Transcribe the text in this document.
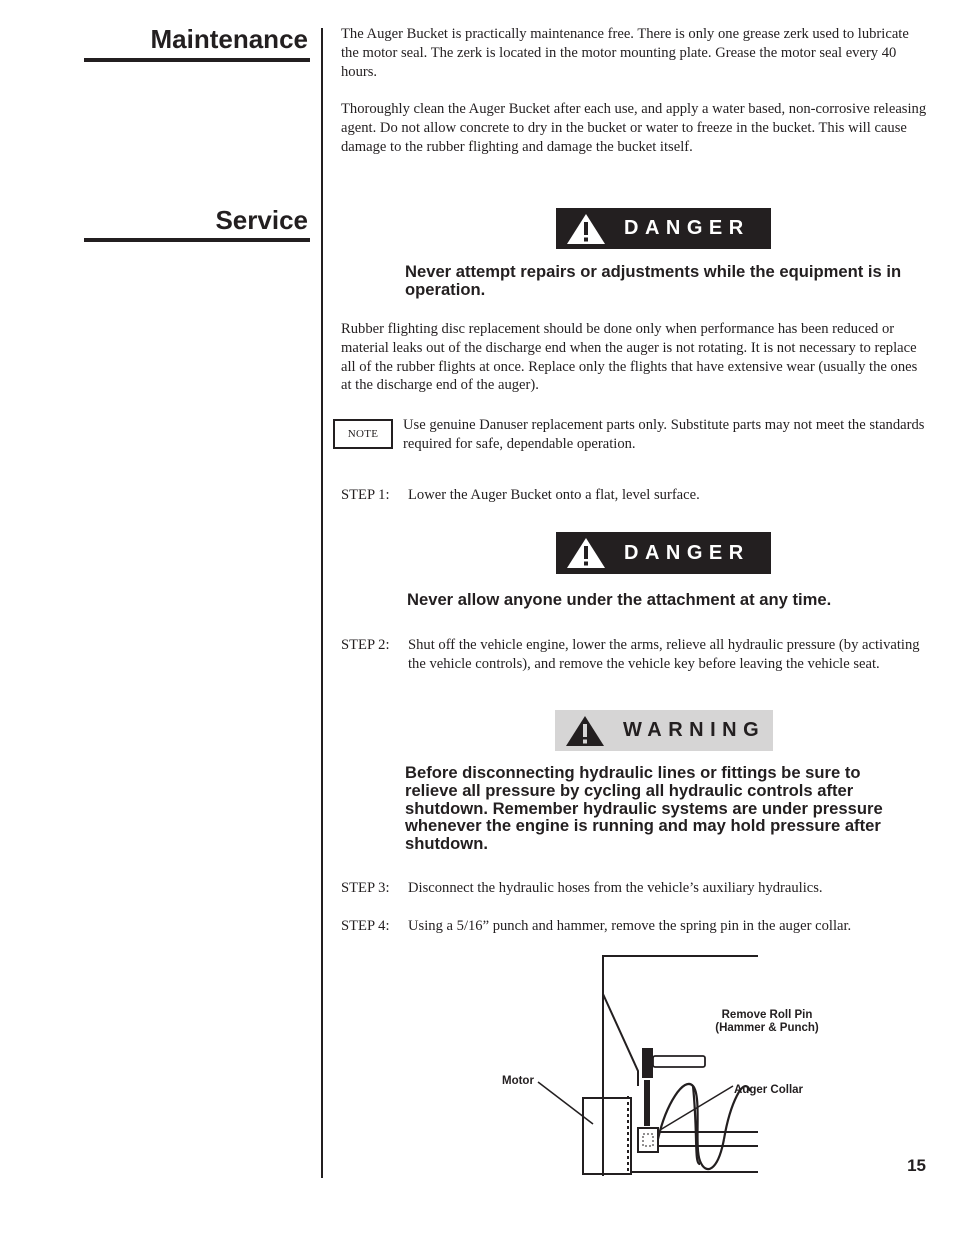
Maintenance
Service
The Auger Bucket is practically maintenance free. There is only one grease zerk used to lubricate the motor seal. The zerk is located in the motor mounting plate. Grease the motor seal every 40 hours.
Thoroughly clean the Auger Bucket after each use, and apply a water based, non-corrosive releasing agent. Do not allow concrete to dry in the bucket or water to freeze in the bucket. This will cause damage to the rubber flighting and damage the bucket itself.
DANGER
Never attempt repairs or adjustments while the equipment is in operation.
Rubber flighting disc replacement should be done only when performance has been reduced or material leaks out of the discharge end when the auger is not rotating. It is not necessary to replace all of the rubber flights at once. Replace only the flights that have extensive wear (usually the ones at the discharge end of the auger).
NOTE
Use genuine Danuser replacement parts only. Substitute parts may not meet the standards required for safe, dependable operation.
STEP 1:	Lower the Auger Bucket onto a flat, level surface.
DANGER
Never allow anyone under the attachment at any time.
STEP 2:	Shut off the vehicle engine, lower the arms, relieve all hydraulic pressure (by activating the vehicle controls), and remove the vehicle key before leaving the vehicle seat.
WARNING
Before disconnecting hydraulic lines or fittings be sure to relieve all pressure by cycling all hydraulic controls after shutdown. Remember hydraulic systems are under pressure whenever the engine is running and may hold pressure after shutdown.
STEP 3:	Disconnect the hydraulic hoses from the vehicle’s auxiliary hydraulics.
STEP 4:	Using a 5/16” punch and hammer, remove the spring pin in the auger collar.
Remove Roll Pin
(Hammer & Punch)
Motor
Auger Collar
15
